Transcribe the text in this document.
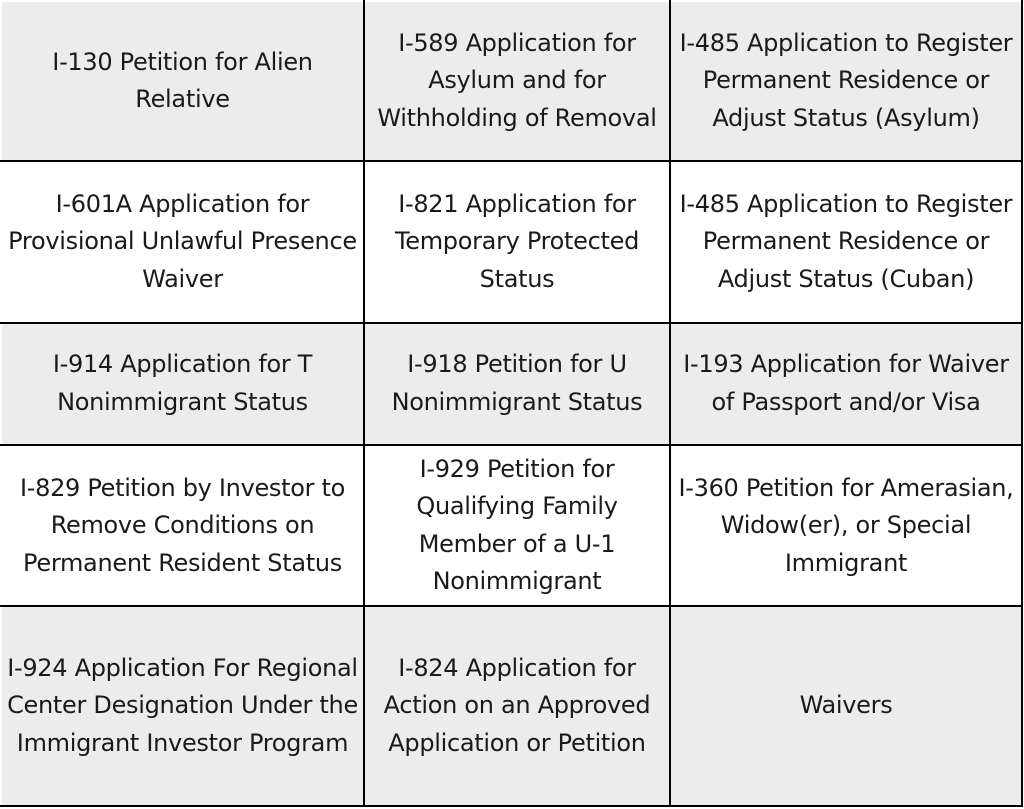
I-130 Petition for Alien Relative	I-589 Application for Asylum and for Withholding of Removal	I-485 Application to Register Permanent Residence or Adjust Status (Asylum)
I-601A Application for Provisional Unlawful Presence Waiver	I-821 Application for Temporary Protected Status	I-485 Application to Register Permanent Residence or Adjust Status (Cuban)
I-914 Application for T Nonimmigrant Status	I-918 Petition for U Nonimmigrant Status	I-193 Application for Waiver of Passport and/or Visa
I-829 Petition by Investor to Remove Conditions on Permanent Resident Status	I-929 Petition for Qualifying Family Member of a U-1 Nonimmigrant	I-360 Petition for Amerasian, Widow(er), or Special Immigrant
I-924 Application For Regional Center Designation Under the Immigrant Investor Program	I-824 Application for Action on an Approved Application or Petition	Waivers
